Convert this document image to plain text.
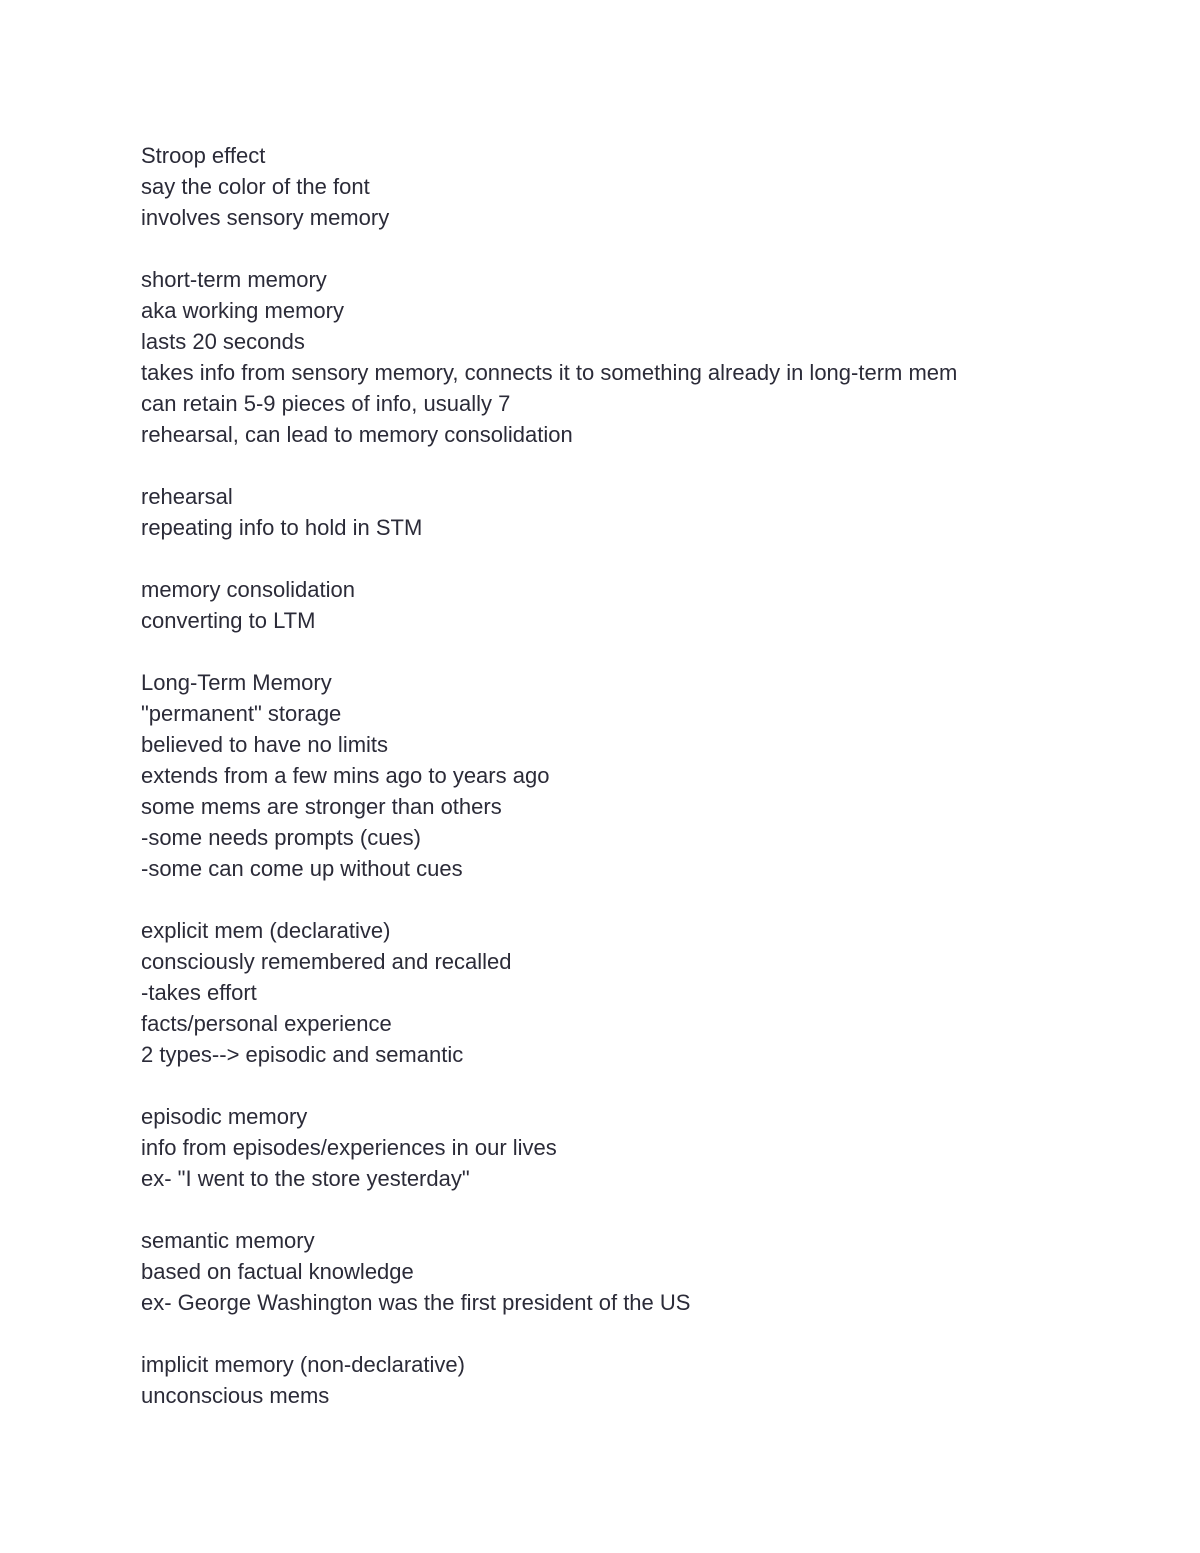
Stroop effect
say the color of the font
involves sensory memory
short-term memory
aka working memory
lasts 20 seconds
takes info from sensory memory, connects it to something already in long-term mem
can retain 5-9 pieces of info, usually 7
rehearsal, can lead to memory consolidation
rehearsal
repeating info to hold in STM
memory consolidation
converting to LTM
Long-Term Memory
"permanent" storage
believed to have no limits
extends from a few mins ago to years ago
some mems are stronger than others
-some needs prompts (cues)
-some can come up without cues
explicit mem (declarative)
consciously remembered and recalled
-takes effort
facts/personal experience
2 types--> episodic and semantic
episodic memory
info from episodes/experiences in our lives
ex- "I went to the store yesterday"
semantic memory
based on factual knowledge
ex- George Washington was the first president of the US
implicit memory (non-declarative)
unconscious mems
